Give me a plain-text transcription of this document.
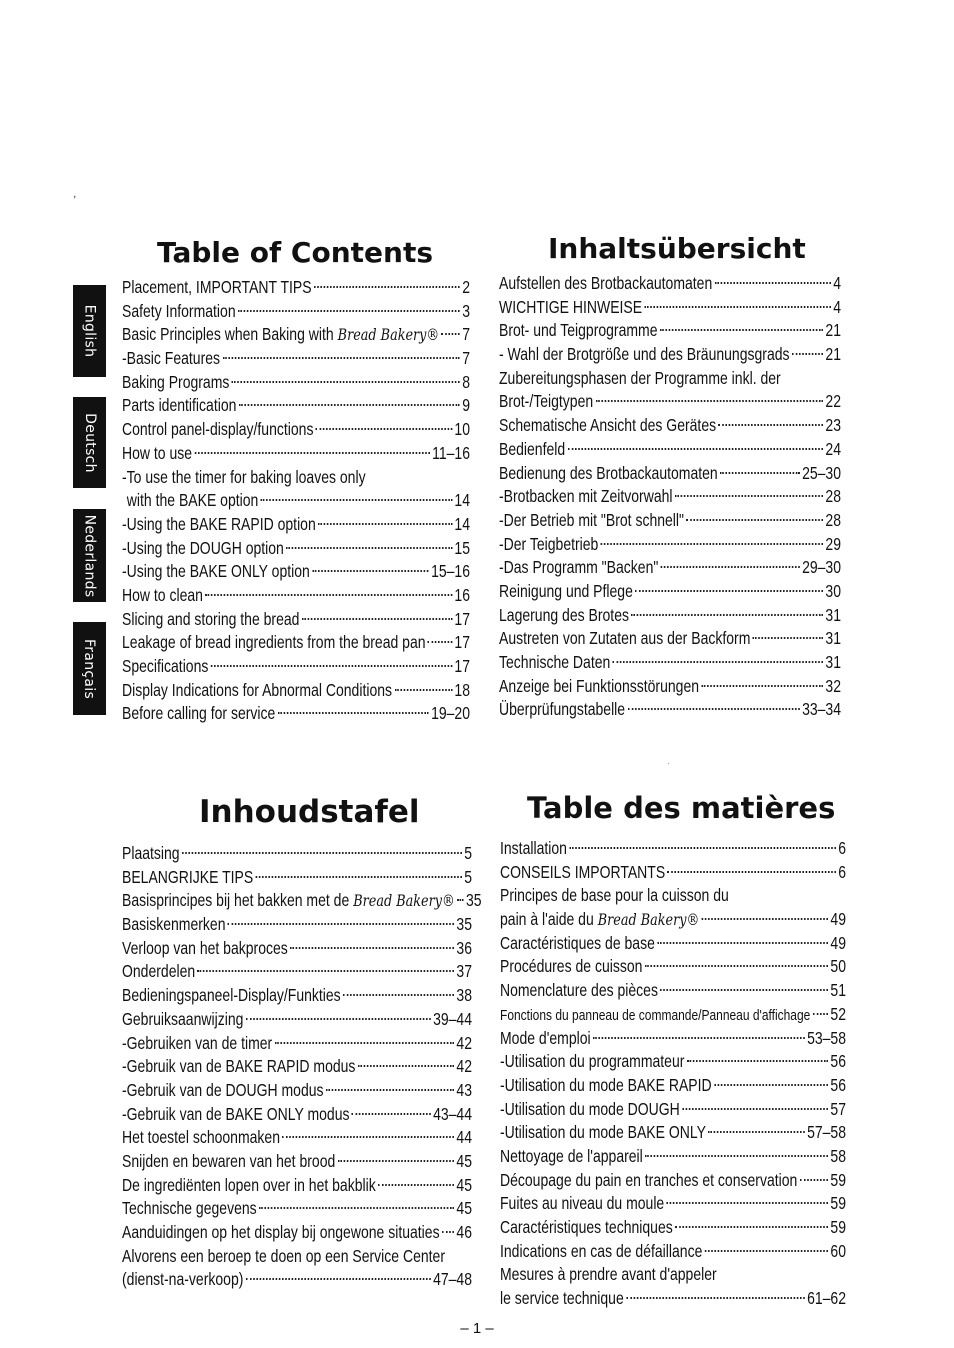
English
Deutsch
Nederlands
Français
,
·
Table of Contents
Placement, IMPORTANT TIPS	2
Safety Information	3
Basic Principles when Baking with Bread Bakery® 7
-Basic Features	7
Baking Programs	8
Parts identification	9
Control panel-display/functions	10
How to use	11–16
-To use the timer for baking loaves only
with the BAKE option	14
-Using the BAKE RAPID option	14
-Using the DOUGH option	15
-Using the BAKE ONLY option	15–16
How to clean	16
Slicing and storing the bread	17
Leakage of bread ingredients from the bread pan 17
Specifications	17
Display Indications for Abnormal Conditions	18
Before calling for service	19–20
Inhaltsübersicht
Aufstellen des Brotbackautomaten	4
WICHTIGE HINWEISE	4
Brot- und Teigprogramme	21
- Wahl der Brotgröße und des Bräunungsgrads 21
Zubereitungsphasen der Programme inkl. der
Brot-/Teigtypen	22
Schematische Ansicht des Gerätes	23
Bedienfeld	24
Bedienung des Brotbackautomaten	25–30
-Brotbacken mit Zeitvorwahl	28
-Der Betrieb mit "Brot schnell"	28
-Der Teigbetrieb	29
-Das Programm "Backen"	29–30
Reinigung und Pflege	30
Lagerung des Brotes	31
Austreten von Zutaten aus der Backform	31
Technische Daten	31
Anzeige bei Funktionsstörungen	32
Überprüfungstabelle	33–34
Inhoudstafel
Plaatsing	5
BELANGRIJKE TIPS	5
Basisprincipes bij het bakken met de Bread Bakery® 35
Basiskenmerken	35
Verloop van het bakproces	36
Onderdelen	37
Bedieningspaneel-Display/Funkties	38
Gebruiksaanwijzing	39–44
-Gebruiken van de timer	42
-Gebruik van de BAKE RAPID modus	42
-Gebruik van de DOUGH modus	43
-Gebruik van de BAKE ONLY modus	43–44
Het toestel schoonmaken	44
Snijden en bewaren van het brood	45
De ingrediënten lopen over in het bakblik	45
Technische gegevens	45
Aanduidingen op het display bij ongewone situaties 46
Alvorens een beroep te doen op een Service Center
(dienst-na-verkoop)	47–48
Table des matières
Installation	6
CONSEILS IMPORTANTS	6
Principes de base pour la cuisson du
pain à l'aide du Bread Bakery®	49
Caractéristiques de base	49
Procédures de cuisson	50
Nomenclature des pièces	51
Fonctions du panneau de commande/Panneau d'affichage 52
Mode d'emploi	53–58
-Utilisation du programmateur	56
-Utilisation du mode BAKE RAPID	56
-Utilisation du mode DOUGH	57
-Utilisation du mode BAKE ONLY	57–58
Nettoyage de l'appareil	58
Découpage du pain en tranches et conservation 59
Fuites au niveau du moule	59
Caractéristiques techniques	59
Indications en cas de défaillance	60
Mesures à prendre avant d'appeler
le service technique	61–62
– 1 –
